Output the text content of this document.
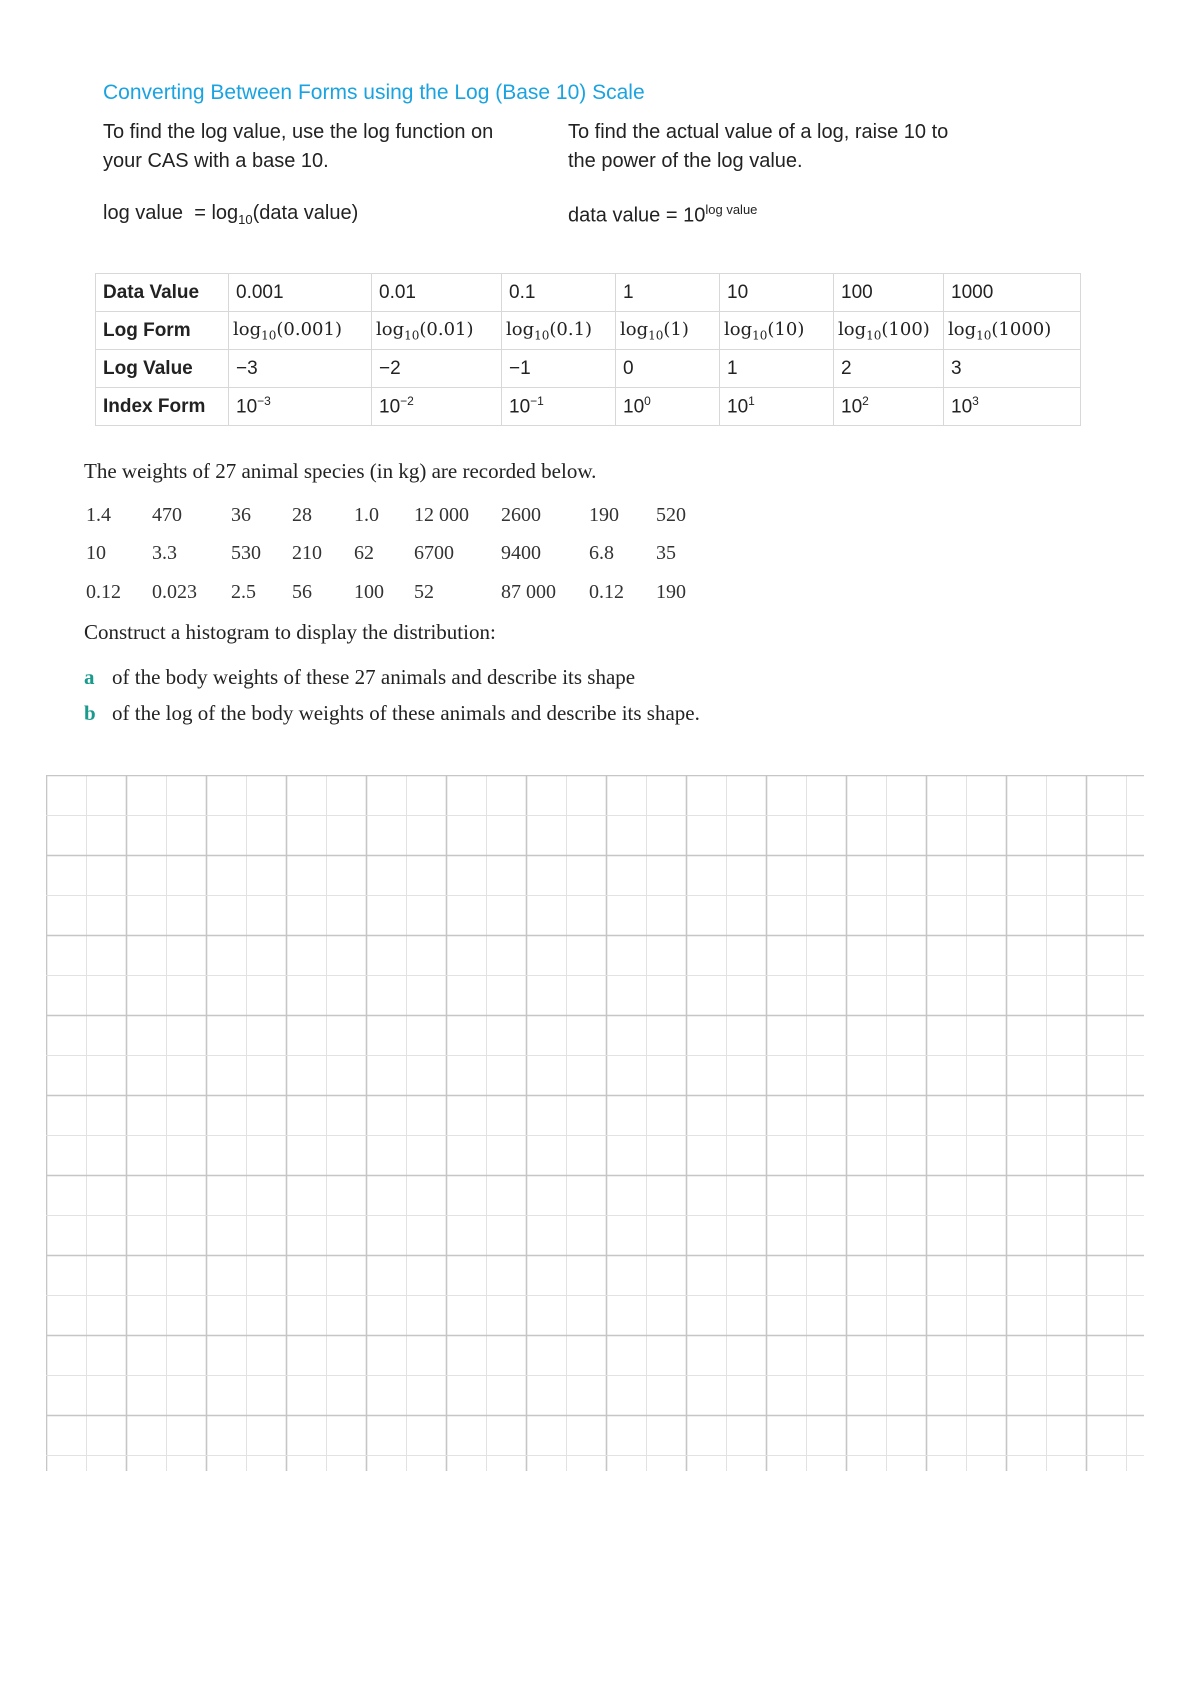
Converting Between Forms using the Log (Base 10) Scale
To find the log value, use the log function on
your CAS with a base 10.
To find the actual value of a log, raise 10 to
the power of the log value.
log value = $\log_{10}(data$ value)	data value = $10^{log value}$
Data Value	0.001	0.01	0.1	1	10	100	1000
Log Form	$\log_{10}(0.001)$	$\log_{10}(0.01)$	$\log_{10}(0.1)$	$\log_{10}(1)$	$\log_{10}(10)$	$\log_{10}(100)$	$\log_{10}(1000)$
Log Value	−3	−2	−1	0	1	2	3
Index Form	$10^{-3}$	$10^{-2}$	$10^{-1}$	$10^0$	$10^1$	$10^2$	$10^3$
The weights of 27 animal species (in kg) are recorded below.
1.4	470	36	28	1.0	12 000	2600	190	520
10	3.3	530	210	62	6700	9400	6.8	35
0.12	0.023	2.5	56	100	52	87 000	0.12	190
Construct a histogram to display the distribution:
a of the body weights of these 27 animals and describe its shape
b of the log of the body weights of these animals and describe its shape.
